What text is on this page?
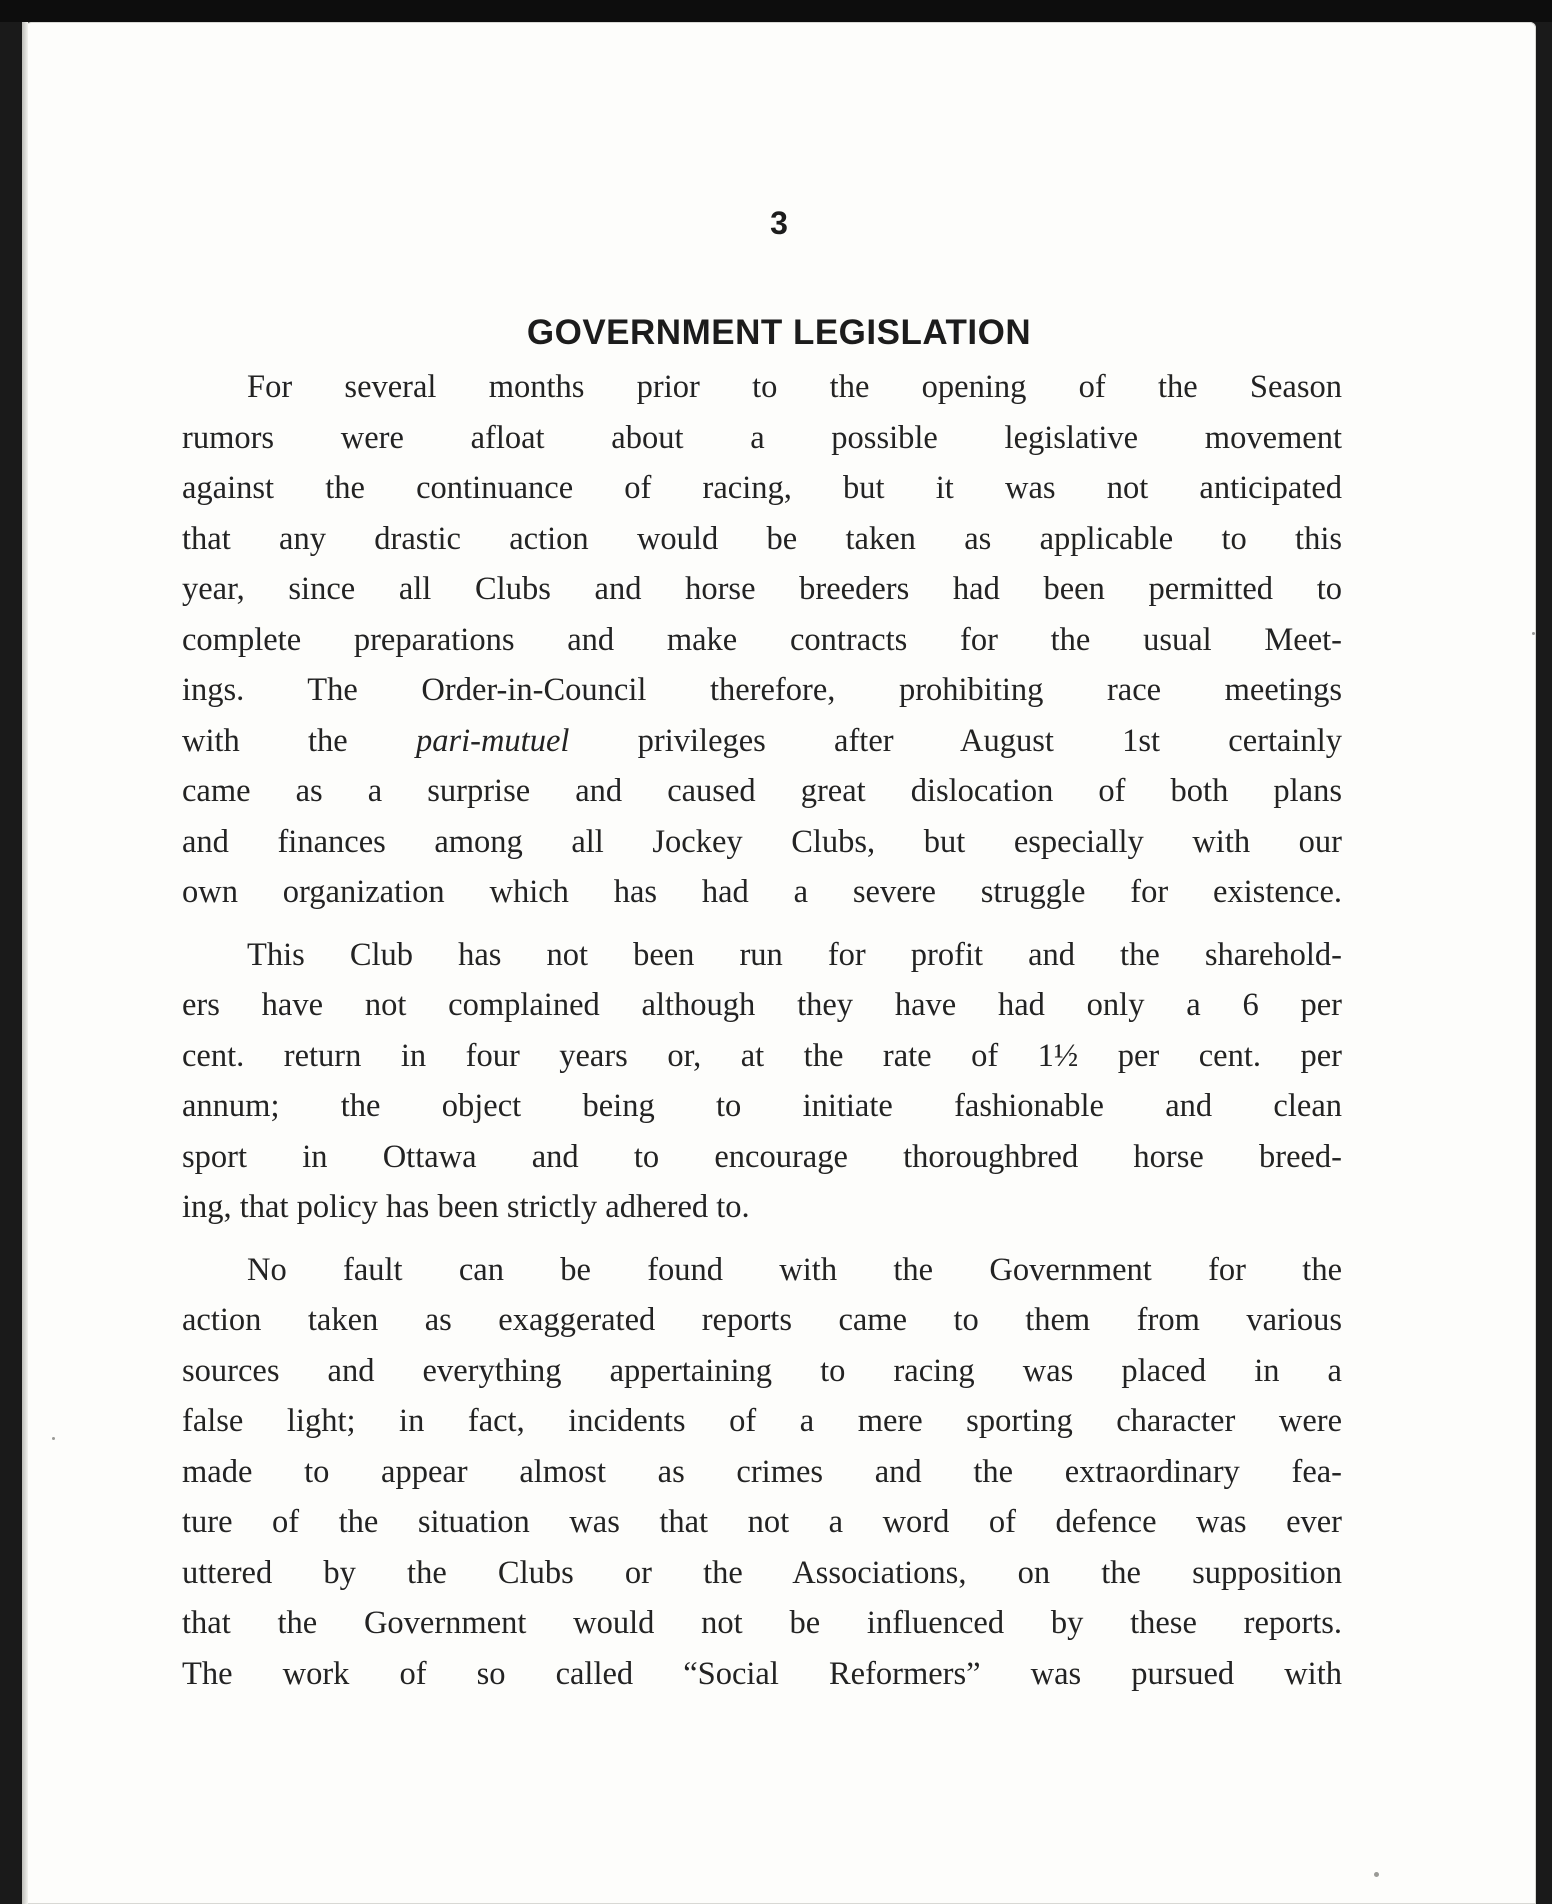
3
GOVERNMENT LEGISLATION
For several months prior to the opening of the Season
rumors were afloat about a possible legislative movement
against the continuance of racing, but it was not anticipated
that any drastic action would be taken as applicable to this
year, since all Clubs and horse breeders had been permitted to
complete preparations and make contracts for the usual Meet-
ings. The Order-in-Council therefore, prohibiting race meetings
with the pari-mutuel privileges after August 1st certainly
came as a surprise and caused great dislocation of both plans
and finances among all Jockey Clubs, but especially with our
own organization which has had a severe struggle for existence.
This Club has not been run for profit and the sharehold-
ers have not complained although they have had only a 6 per
cent. return in four years or, at the rate of 1½ per cent. per
annum; the object being to initiate fashionable and clean
sport in Ottawa and to encourage thoroughbred horse breed-
ing, that policy has been strictly adhered to.
No fault can be found with the Government for the
action taken as exaggerated reports came to them from various
sources and everything appertaining to racing was placed in a
false light; in fact, incidents of a mere sporting character were
made to appear almost as crimes and the extraordinary fea-
ture of the situation was that not a word of defence was ever
uttered by the Clubs or the Associations, on the supposition
that the Government would not be influenced by these reports.
The work of so called “Social Reformers” was pursued with
